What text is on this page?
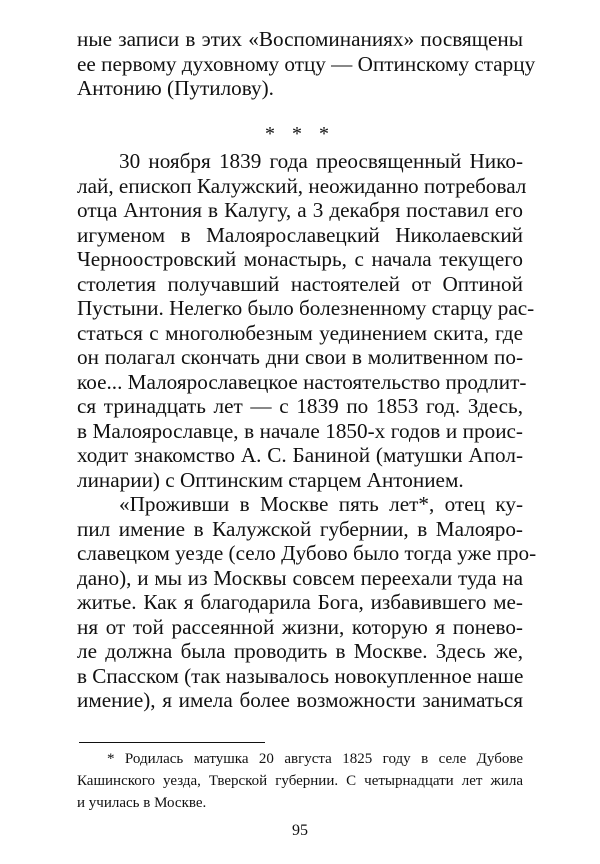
ные записи в этих «Воспоминаниях» посвящены
ее первому духовному отцу — Оптинскому старцу
Антонию (Путилову).
* * *
30 ноября 1839 года преосвященный Нико-
лай, епископ Калужский, неожиданно потребовал
отца Антония в Калугу, а 3 декабря поставил его
игуменом в Малоярославецкий Николаевский
Черноостровский монастырь, с начала текущего
столетия получавший настоятелей от Оптиной
Пустыни. Нелегко было болезненному старцу рас-
статься с многолюбезным уединением скита, где
он полагал скончать дни свои в молитвенном по-
кое... Малоярославецкое настоятельство продлит-
ся тринадцать лет — с 1839 по 1853 год. Здесь,
в Малоярославце, в начале 1850-х годов и проис-
ходит знакомство А. С. Баниной (матушки Апол-
линарии) с Оптинским старцем Антонием.
«Проживши в Москве пять лет*, отец ку-
пил имение в Калужской губернии, в Малояро-
славецком уезде (село Дубово было тогда уже про-
дано), и мы из Москвы совсем переехали туда на
житье. Как я благодарила Бога, избавившего ме-
ня от той рассеянной жизни, которую я понево-
ле должна была проводить в Москве. Здесь же,
в Спасском (так называлось новокупленное наше
имение), я имела более возможности заниматься
* Родилась матушка 20 августа 1825 году в селе Дубове
Кашинского уезда, Тверской губернии. С четырнадцати лет жила
и училась в Москве.
95
